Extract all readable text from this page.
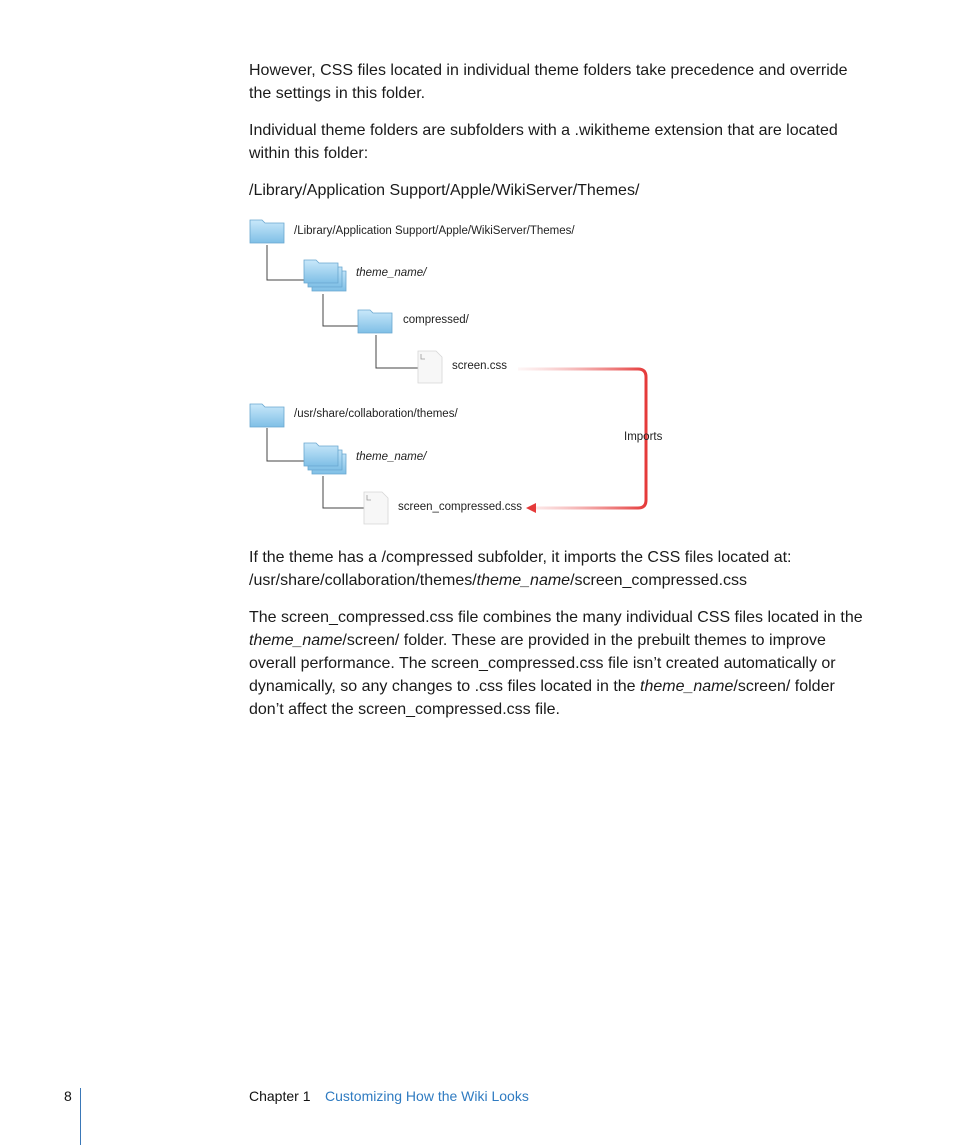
However, CSS files located in individual theme folders take precedence and override
the settings in this folder.

Individual theme folders are subfolders with a .wikitheme extension that are located
within this folder:

/Library/Application Support/Apple/WikiServer/Themes/

/Library/Application Support/Apple/WikiServer/Themes/
theme_name/
compressed/
screen.css
/usr/share/collaboration/themes/
theme_name/
screen_compressed.css
Imports

If the theme has a /compressed subfolder, it imports the CSS files located at:
/usr/share/collaboration/themes/theme_name/screen_compressed.css

The screen_compressed.css file combines the many individual CSS files located in the
theme_name/screen/ folder. These are provided in the prebuilt themes to improve
overall performance. The screen_compressed.css file isn’t created automatically or
dynamically, so any changes to .css files located in the theme_name/screen/ folder
don’t affect the screen_compressed.css file.

8	Chapter 1 Customizing How the Wiki Looks
